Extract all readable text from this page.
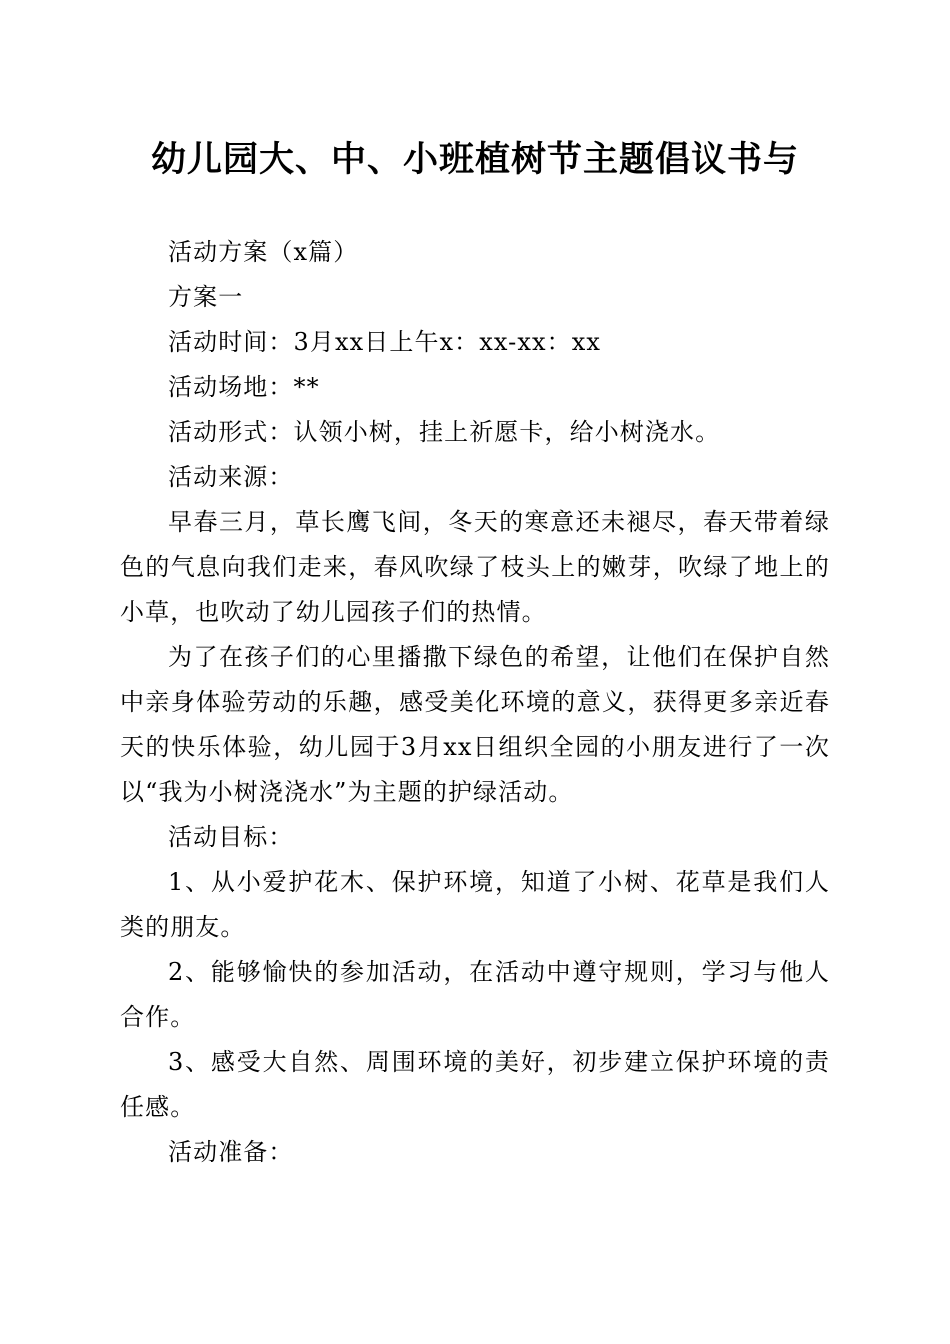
幼儿园大、中、小班植树节主题倡议书与

活动方案（x篇）

方案一

活动时间：3月xx日上午x：xx-xx：xx

活动场地：**

活动形式：认领小树，挂上祈愿卡，给小树浇水。

活动来源：

早春三月，草长鹰飞间，冬天的寒意还未褪尽，春天带着绿色的气息向我们走来，春风吹绿了枝头上的嫩芽，吹绿了地上的小草，也吹动了幼儿园孩子们的热情。

为了在孩子们的心里播撒下绿色的希望，让他们在保护自然中亲身体验劳动的乐趣，感受美化环境的意义，获得更多亲近春天的快乐体验，幼儿园于3月xx日组织全园的小朋友进行了一次以“我为小树浇浇水”为主题的护绿活动。

活动目标：

1、从小爱护花木、保护环境，知道了小树、花草是我们人类的朋友。

2、能够愉快的参加活动，在活动中遵守规则，学习与他人合作。

3、感受大自然、周围环境的美好，初步建立保护环境的责任感。

活动准备：
